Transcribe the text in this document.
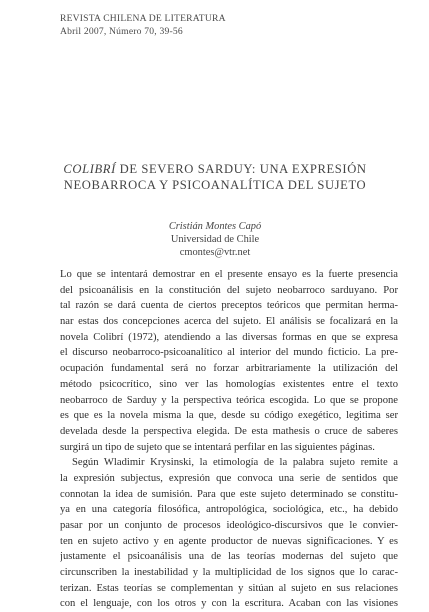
REVISTA CHILENA DE LITERATURA
Abril 2007, Número 70, 39-56
COLIBRÍ DE SEVERO SARDUY: UNA EXPRESIÓN
NEOBARROCA Y PSICOANALÍTICA DEL SUJETO
Cristián Montes Capó
Universidad de Chile
cmontes@vtr.net
Lo que se intentará demostrar en el presente ensayo es la fuerte presencia
del psicoanálisis en la constitución del sujeto neobarroco sarduyano. Por
tal razón se dará cuenta de ciertos preceptos teóricos que permitan herma-
nar estas dos concepciones acerca del sujeto. El análisis se focalizará en la
novela Colibrí (1972), atendiendo a las diversas formas en que se expresa
el discurso neobarroco-psicoanalítico al interior del mundo ficticio. La pre-
ocupación fundamental será no forzar arbitrariamente la utilización del
método psicocrítico, sino ver las homologías existentes entre el texto
neobarroco de Sarduy y la perspectiva teórica escogida. Lo que se propone
es que es la novela misma la que, desde su código exegético, legitima ser
develada desde la perspectiva elegida. De esta mathesis o cruce de saberes
surgirá un tipo de sujeto que se intentará perfilar en las siguientes páginas.
Según Wladimir Krysinski, la etimología de la palabra sujeto remite a
la expresión subjectus, expresión que convoca una serie de sentidos que
connotan la idea de sumisión. Para que este sujeto determinado se constitu-
ya en una categoría filosófica, antropológica, sociológica, etc., ha debido
pasar por un conjunto de procesos ideológico-discursivos que le convier-
ten en sujeto activo y en agente productor de nuevas significaciones. Y es
justamente el psicoanálisis una de las teorías modernas del sujeto que
circunscriben la inestabilidad y la multiplicidad de los signos que lo carac-
terizan. Estas teorías se complementan y sitúan al sujeto en sus relaciones
con el lenguaje, con los otros y con la escritura. Acaban con las visiones
